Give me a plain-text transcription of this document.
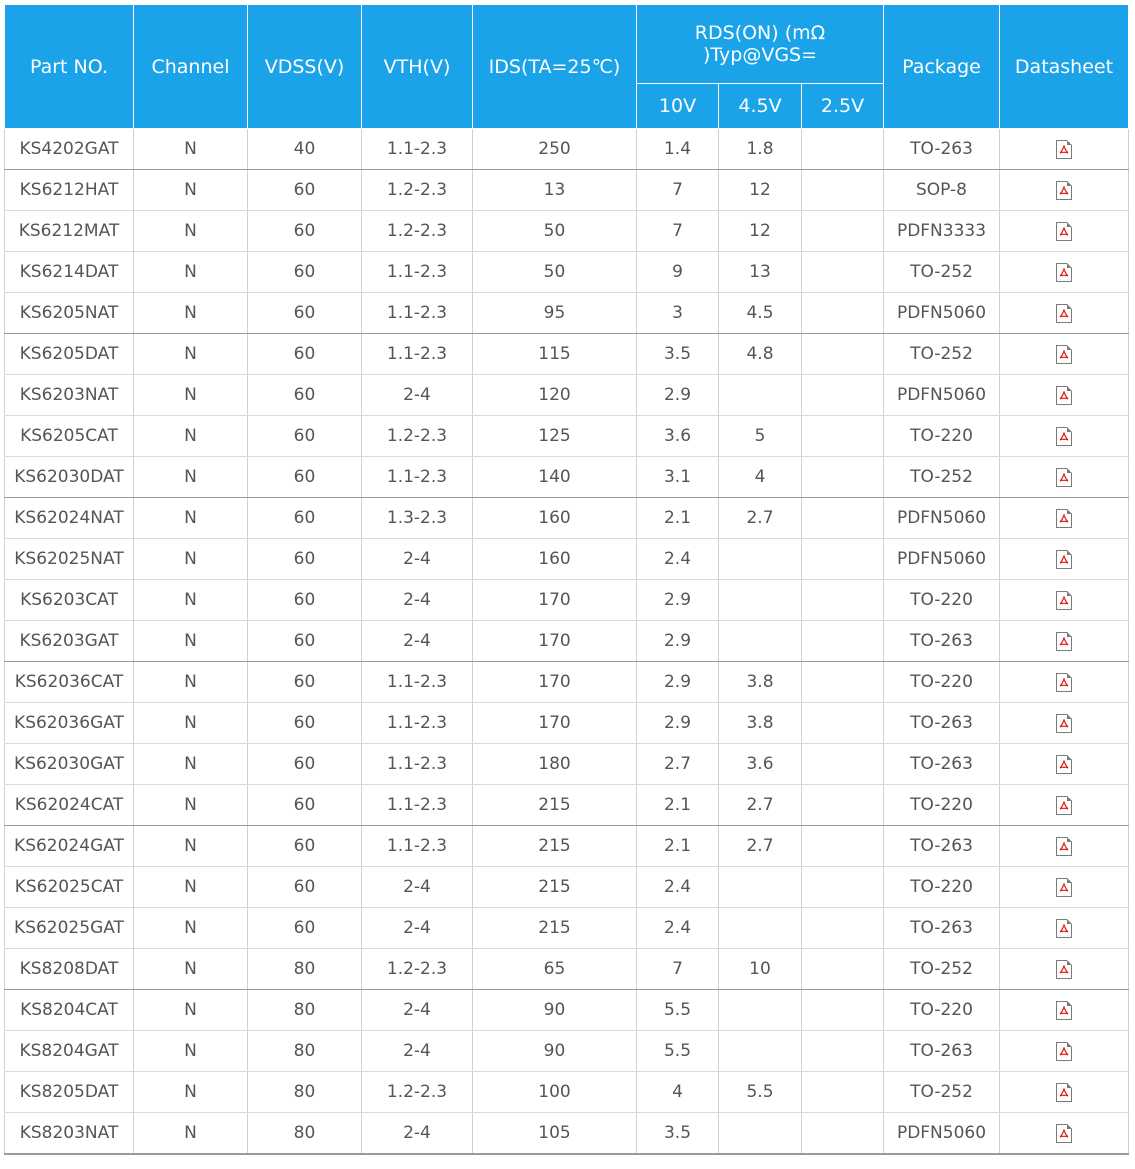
Part NO.	Channel	VDSS(V)	VTH(V)	IDS(TA=25℃)	RDS(ON) (mΩ )Typ@VGS=			Package	Datasheet
					10V	4.5V	2.5V		
KS4202GAT	N	40	1.1-2.3	250	1.4	1.8		TO-263	

KS6212HAT	N	60	1.2-2.3	13	7	12		SOP-8	

KS6212MAT	N	60	1.2-2.3	50	7	12		PDFN3333	

KS6214DAT	N	60	1.1-2.3	50	9	13		TO-252	

KS6205NAT	N	60	1.1-2.3	95	3	4.5		PDFN5060	

KS6205DAT	N	60	1.1-2.3	115	3.5	4.8		TO-252	

KS6203NAT	N	60	2-4	120	2.9			PDFN5060	

KS6205CAT	N	60	1.2-2.3	125	3.6	5		TO-220	

KS62030DAT	N	60	1.1-2.3	140	3.1	4		TO-252	

KS62024NAT	N	60	1.3-2.3	160	2.1	2.7		PDFN5060	

KS62025NAT	N	60	2-4	160	2.4			PDFN5060	

KS6203CAT	N	60	2-4	170	2.9			TO-220	

KS6203GAT	N	60	2-4	170	2.9			TO-263	

KS62036CAT	N	60	1.1-2.3	170	2.9	3.8		TO-220	

KS62036GAT	N	60	1.1-2.3	170	2.9	3.8		TO-263	

KS62030GAT	N	60	1.1-2.3	180	2.7	3.6		TO-263	

KS62024CAT	N	60	1.1-2.3	215	2.1	2.7		TO-220	

KS62024GAT	N	60	1.1-2.3	215	2.1	2.7		TO-263	

KS62025CAT	N	60	2-4	215	2.4			TO-220	

KS62025GAT	N	60	2-4	215	2.4			TO-263	

KS8208DAT	N	80	1.2-2.3	65	7	10		TO-252	

KS8204CAT	N	80	2-4	90	5.5			TO-220	

KS8204GAT	N	80	2-4	90	5.5			TO-263	

KS8205DAT	N	80	1.2-2.3	100	4	5.5		TO-252	

KS8203NAT	N	80	2-4	105	3.5			PDFN5060	
